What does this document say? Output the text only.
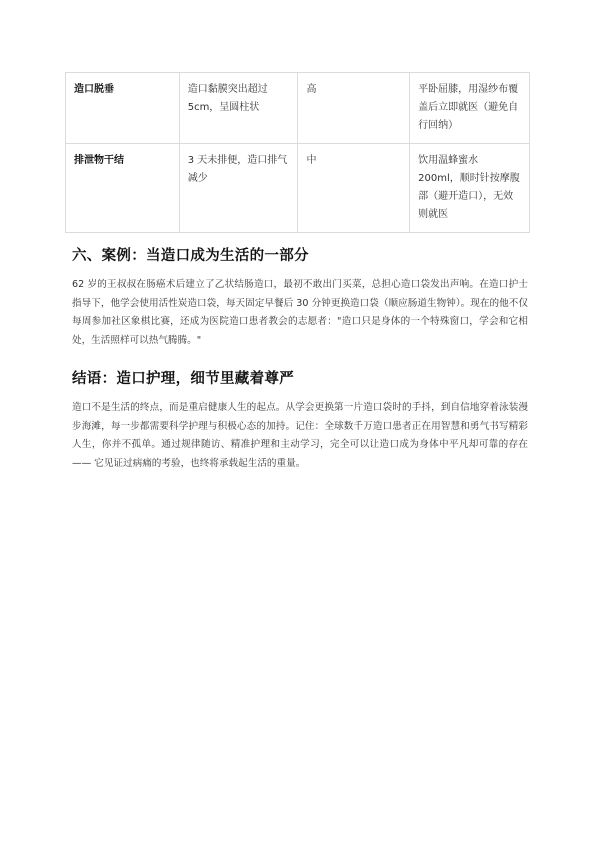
造口脱垂	造口黏膜突出超过 5cm，呈圆柱状	高	平卧屈膝，用湿纱布覆盖后立即就医（避免自行回纳）
排泄物干结	3 天未排便，造口排气减少	中	饮用温蜂蜜水 200ml，顺时针按摩腹部（避开造口），无效则就医
六、案例：当造口成为生活的一部分

62 岁的王叔叔在肠癌术后建立了乙状结肠造口，最初不敢出门买菜，总担心造口袋发出声响。在造口护士指导下，他学会使用活性炭造口袋，每天固定早餐后 30 分钟更换造口袋（顺应肠道生物钟）。现在的他不仅每周参加社区象棋比赛，还成为医院造口患者教会的志愿者："造口只是身体的一个特殊窗口，学会和它相处，生活照样可以热气腾腾。"

结语：造口护理，细节里藏着尊严

造口不是生活的终点，而是重启健康人生的起点。从学会更换第一片造口袋时的手抖，到自信地穿着泳装漫步海滩，每一步都需要科学护理与积极心态的加持。记住：全球数千万造口患者正在用智慧和勇气书写精彩人生，你并不孤单。通过规律随访、精准护理和主动学习，完全可以让造口成为身体中平凡却可靠的存在 —— 它见证过病痛的考验，也终将承载起生活的重量。
